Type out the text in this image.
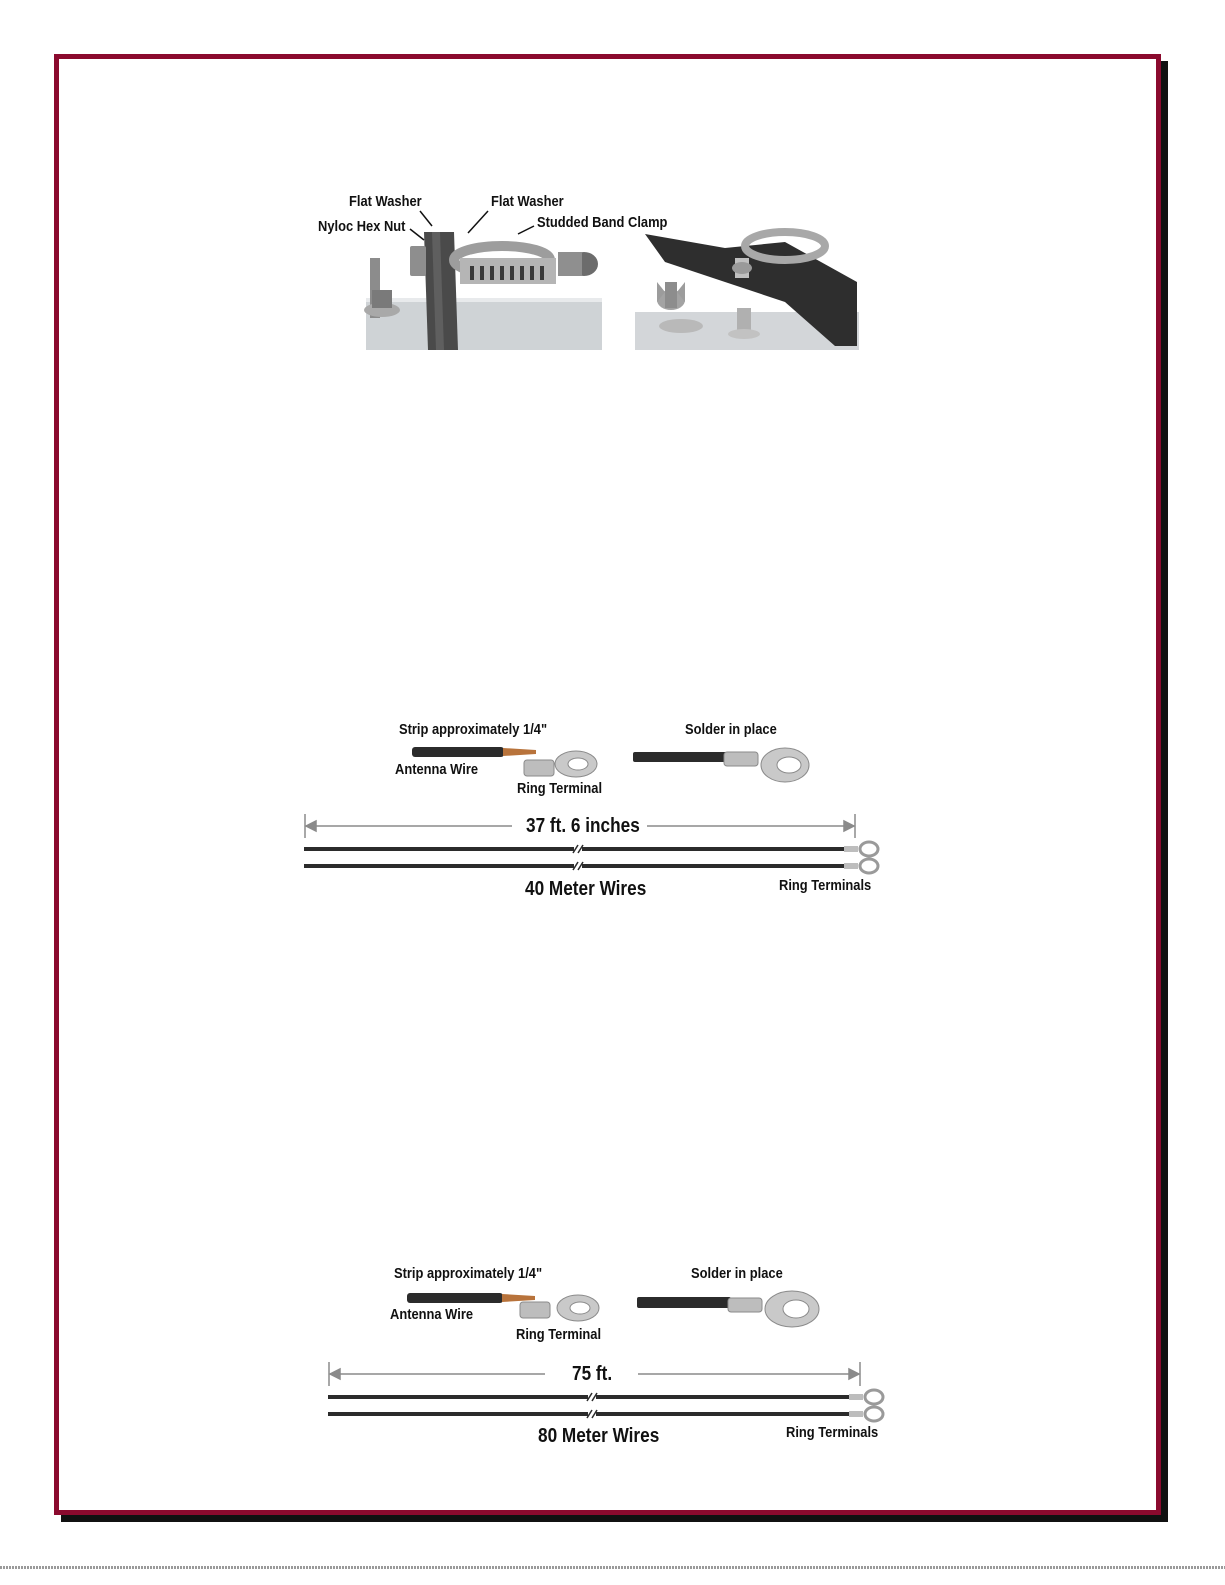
Flat Washer
Nyloc Hex Nut
Flat Washer
Studded Band Clamp
Strip approximately 1/4"
Antenna Wire
Ring Terminal
Solder in place
37 ft. 6 inches
40 Meter Wires	Ring Terminals
Strip approximately 1/4"
Antenna Wire
Ring Terminal
Solder in place
75 ft.
80 Meter Wires	Ring Terminals
